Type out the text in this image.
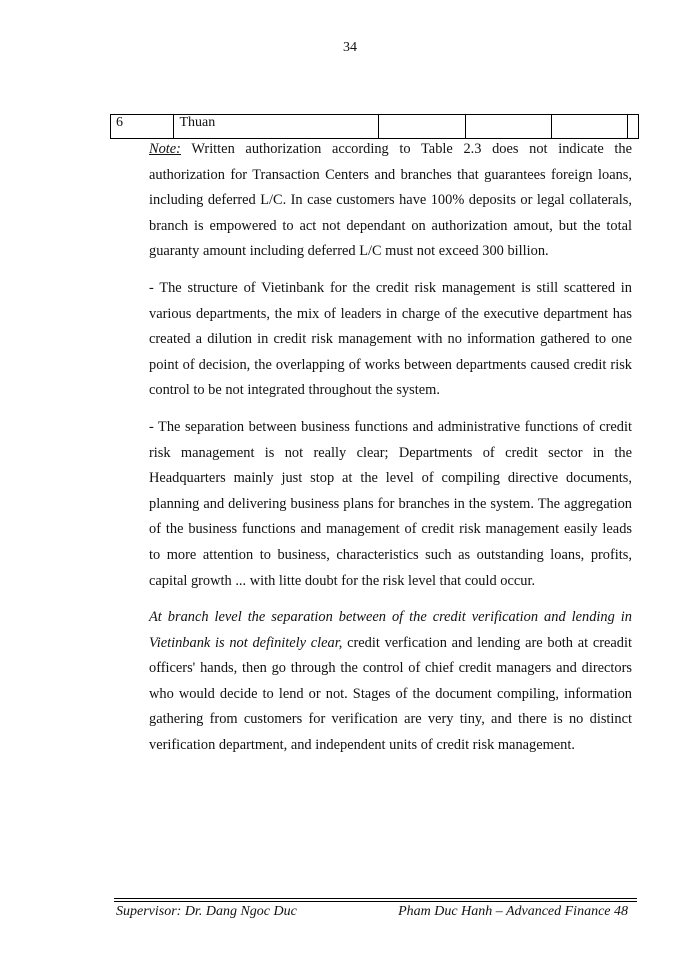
34
6	Thuan				

Note: Written authorization according to Table 2.3 does not indicate the authorization for Transaction Centers and branches that guarantees foreign loans, including deferred L/C. In case customers have 100% deposits or legal collaterals, branch is empowered to act not dependant on authorization amout, but the total guaranty amount including deferred L/C must not exceed 300 billion.

- The structure of Vietinbank for the credit risk management is still scattered in various departments, the mix of leaders in charge of the executive department has created a dilution in credit risk management with no information gathered to one point of decision, the overlapping of works between departments caused credit risk control to be not integrated throughout the system.

- The separation between business functions and administrative functions of credit risk management is not really clear; Departments of credit sector in the Headquarters mainly just stop at the level of compiling directive documents, planning and delivering business plans for branches in the system. The aggregation of the business functions and management of credit risk management easily leads to more attention to business, characteristics such as outstanding loans, profits, capital growth ... with litte doubt for the risk level that could occur.

At branch level the separation between of the credit verification and lending in Vietinbank is not definitely clear, credit verfication and lending are both at creadit officers' hands, then go through the control of chief credit managers and directors who would decide to lend or not. Stages of the document compiling, information gathering from customers for verification are very tiny, and there is no distinct verification department, and independent units of credit risk management.

Supervisor: Dr. Dang Ngoc Duc	Pham Duc Hanh – Advanced Finance 48
